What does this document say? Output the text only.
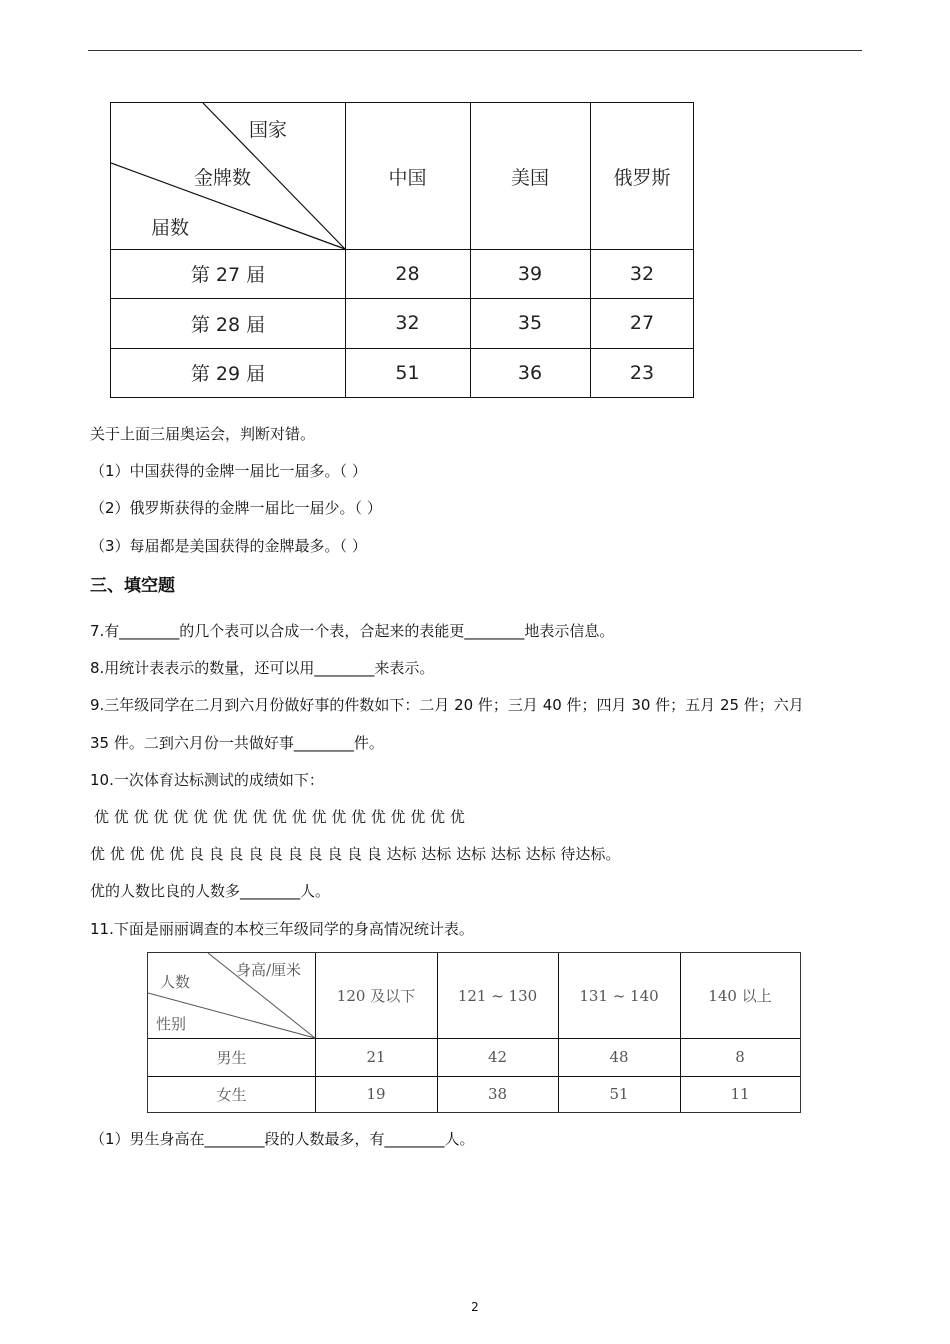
国家
金牌数
届数
中国	美国	俄罗斯
第 27 届	28	39	32
第 28 届	32	35	27
第 29 届	51	36	23
关于上面三届奥运会，判断对错。
（1）中国获得的金牌一届比一届多。（ ）
（2）俄罗斯获得的金牌一届比一届少。（ ）
（3）每届都是美国获得的金牌最多。（ ）
三、填空题
7.有________的几个表可以合成一个表，合起来的表能更________地表示信息。
8.用统计表表示的数量，还可以用________来表示。
9.三年级同学在二月到六月份做好事的件数如下：二月 20 件；三月 40 件；四月 30 件；五月 25 件；六月
35 件。二到六月份一共做好事________件。
10.一次体育达标测试的成绩如下：
优 优 优 优 优 优 优 优 优 优 优 优 优 优 优 优 优 优 优
优 优 优 优 优 良 良 良 良 良 良 良 良 良 良 达标 达标 达标 达标 达标 待达标。
优的人数比良的人数多________人。
11.下面是丽丽调查的本校三年级同学的身高情况统计表。
身高/厘米
人数
性别
120 及以下	121 ~ 130	131 ~ 140	140 以上
男生	21	42	48	8
女生	19	38	51	11
（1）男生身高在________段的人数最多，有________人。
2
